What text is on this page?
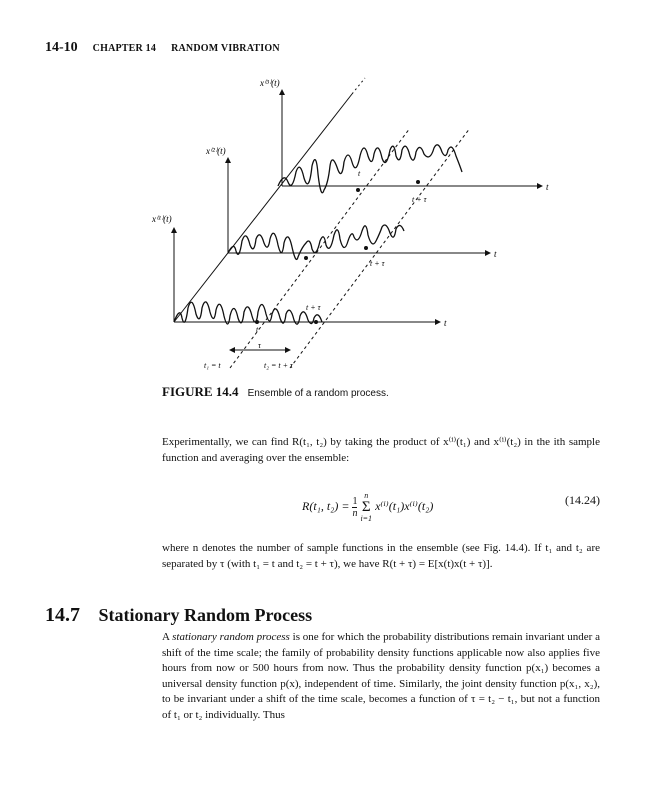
14-10 CHAPTER 14 RANDOM VIBRATION
x⁽³⁾(t)
x⁽²⁾(t)
x⁽¹⁾(t)
t
t
t
t
t
t + τ
t + τ
t + τ
τ
t₁ = t	t₂ = t + τ
FIGURE 14.4 Ensemble of a random process.
Experimentally, we can find R(t₁, t₂) by taking the product of x⁽ⁱ⁾(t₁) and x⁽ⁱ⁾(t₂) in the ith sample function and averaging over the ensemble:
R(t₁, $t_2) = \frac{1}{n}$
n
Σ
i=1
x⁽ⁱ⁾(t₁)x⁽ⁱ⁾(t₂)	(14.24)
where n denotes the number of sample functions in the ensemble (see Fig. 14.4). If t₁ and t₂ are separated by τ (with t₁ = t and t₂ = t + τ), we have R(t + τ) = E[x(t)x(t + τ)].
14.7 Stationary Random Process
A stationary random process is one for which the probability distributions remain invariant under a shift of the time scale; the family of probability density functions applicable now also applies five hours from now or 500 hours from now. Thus the probability density function p(x₁) becomes a universal density function p(x), independent of time. Similarly, the joint density function p(x₁, x₂), to be invariant under a shift of the time scale, becomes a function of τ = t₂ − t₁, but not a function of t₁ or t₂ individually. Thus
